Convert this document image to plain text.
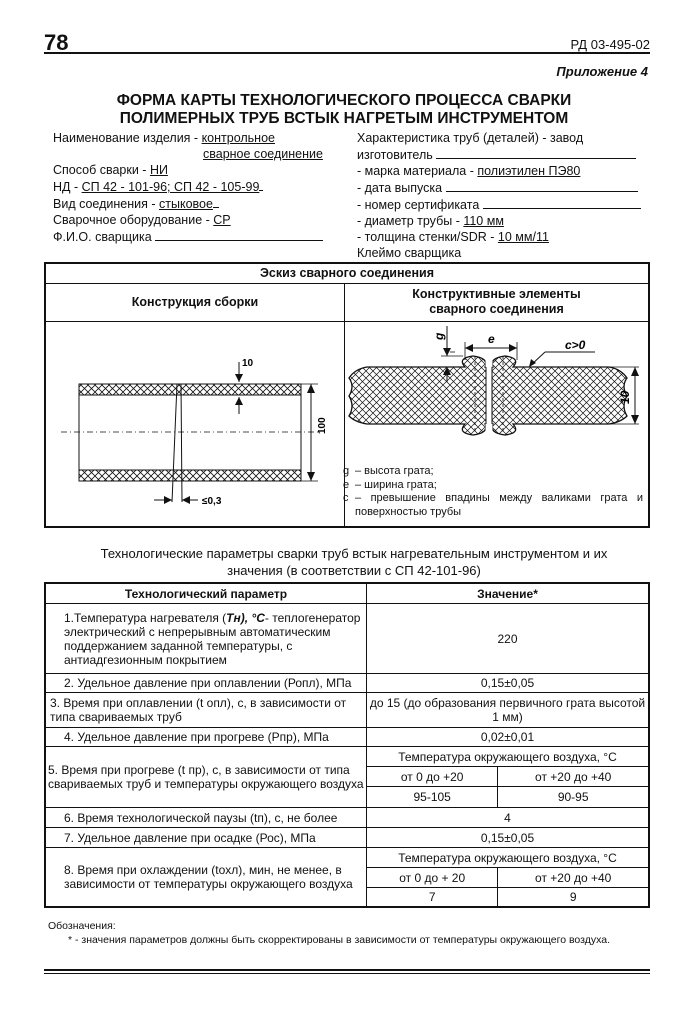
78	РД 03-495-02
Приложение 4
ФОРМА КАРТЫ ТЕХНОЛОГИЧЕСКОГО ПРОЦЕССА СВАРКИ
ПОЛИМЕРНЫХ ТРУБ ВСТЫК НАГРЕТЫМ ИНСТРУМЕНТОМ
Наименование изделия - контрольное
сварное соединение
Способ сварки - НИ
НД - СП 42 - 101-96; СП 42 - 105-99
Вид соединения - стыковое
Сварочное оборудование - СР
Ф.И.О. сварщика
Характеристика труб (деталей) - завод
изготовитель
- марка материала - полиэтилен ПЭ80
- дата выпуска
- номер сертификата
- диаметр трубы - 110 мм
- толщина стенки/SDR - 10 мм/11
Клеймо сварщика
Эскиз сварного соединения
Конструкция сборки
Конструктивные элементы
сварного соединения
10
100
≤0,3
g	e	c>0
10
g – высота грата;
e – ширина грата;
c – превышение впадины между валиками грата и поверхностью трубы
Технологические параметры сварки труб встык нагревательным инструментом и их
значения (в соответствии с СП 42-101-96)
Технологический параметр	Значение*	
1.Температура нагревателя (Тн), °С- теплогенератор электрический с непрерывным автоматическим поддержанием заданной температуры, с антиадгезионным покрытием	220	
2. Удельное давление при оплавлении (Ропл), МПа	0,15±0,05	
3. Время при оплавлении (t опл), с, в зависимости от типа свариваемых труб	до 15 (до образования первичного грата высотой 1 мм)	
4. Удельное давление при прогреве (Рпр), МПа	0,02±0,01	
5. Время при прогреве (t пр), с, в зависимости от типа свариваемых труб и температуры окружающего воздуха	Температура окружающего воздуха, °С	
	от 0 до +20	от +20 до +40
	95-105	90-95
6. Время технологической паузы (tп), с, не более	4	
7. Удельное давление при осадке (Рос), МПа	0,15±0,05	
8. Время при охлаждении (toxл), мин, не менее, в зависимости от температуры окружающего воздуха	Температура окружающего воздуха, °С	
	от 0 до + 20	от +20 до +40
	7	9
Обозначения:
* - значения параметров должны быть скорректированы в зависимости от температуры окружающего воздуха.
